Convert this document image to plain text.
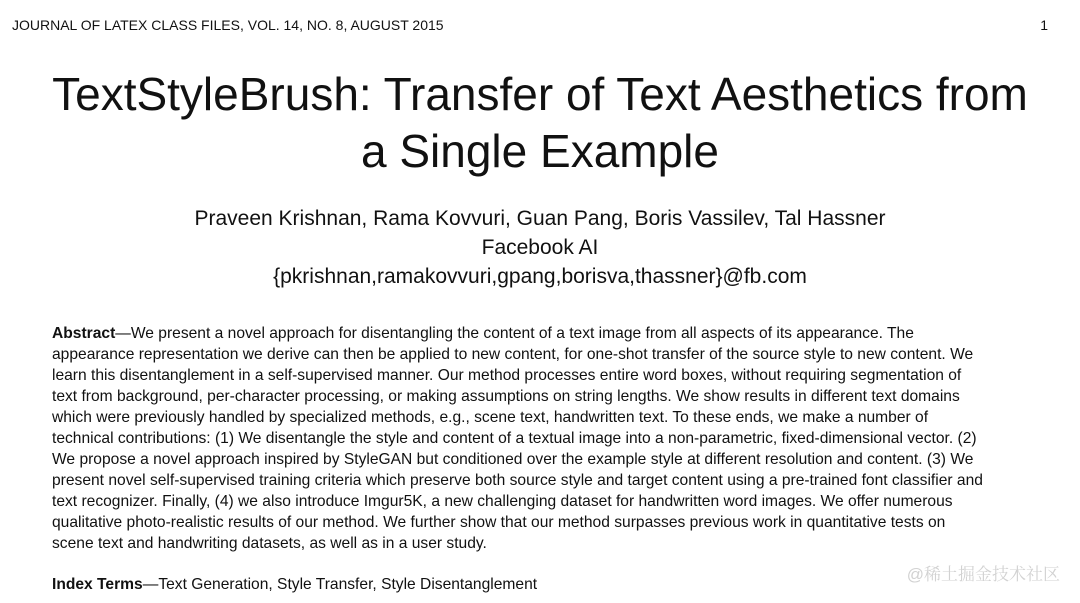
JOURNAL OF LATEX CLASS FILES, VOL. 14, NO. 8, AUGUST 2015	1
TextStyleBrush: Transfer of Text Aesthetics from
a Single Example
Praveen Krishnan, Rama Kovvuri, Guan Pang, Boris Vassilev, Tal Hassner
Facebook AI
{pkrishnan,ramakovvuri,gpang,borisva,thassner}@fb.com
Abstract—We present a novel approach for disentangling the content of a text image from all aspects of its appearance. The
appearance representation we derive can then be applied to new content, for one-shot transfer of the source style to new content. We
learn this disentanglement in a self-supervised manner. Our method processes entire word boxes, without requiring segmentation of
text from background, per-character processing, or making assumptions on string lengths. We show results in different text domains
which were previously handled by specialized methods, e.g., scene text, handwritten text. To these ends, we make a number of
technical contributions: (1) We disentangle the style and content of a textual image into a non-parametric, fixed-dimensional vector. (2)
We propose a novel approach inspired by StyleGAN but conditioned over the example style at different resolution and content. (3) We
present novel self-supervised training criteria which preserve both source style and target content using a pre-trained font classifier and
text recognizer. Finally, (4) we also introduce Imgur5K, a new challenging dataset for handwritten word images. We offer numerous
qualitative photo-realistic results of our method. We further show that our method surpasses previous work in quantitative tests on
scene text and handwriting datasets, as well as in a user study.
Index Terms—Text Generation, Style Transfer, Style Disentanglement
@稀土掘金技术社区
